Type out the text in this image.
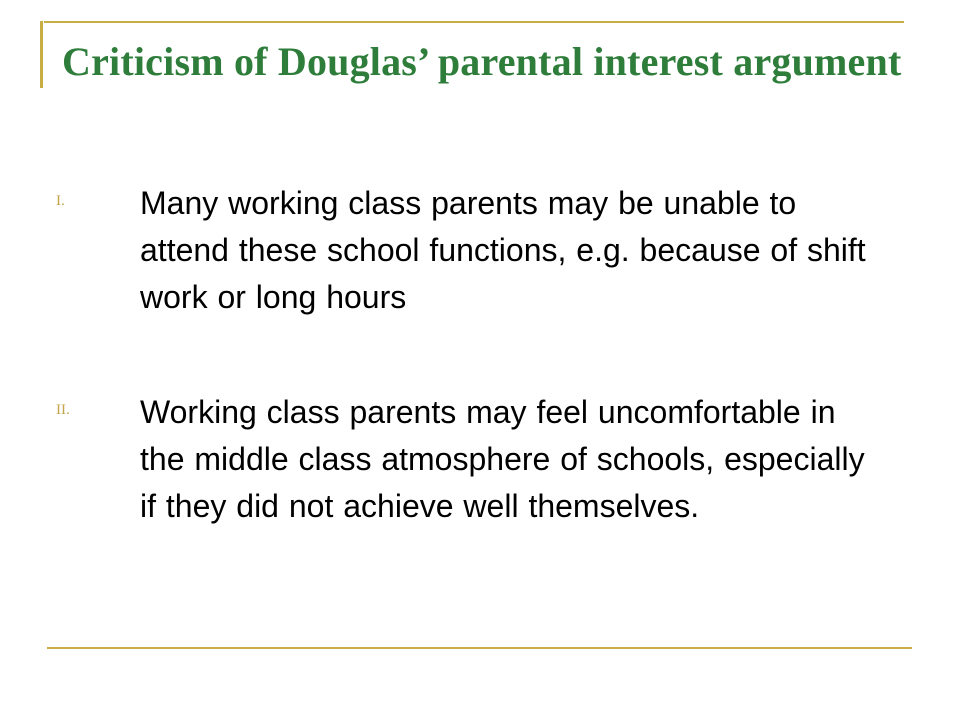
Criticism of Douglas’ parental interest argument
I.	Many working class parents may be unable to attend these school functions, e.g. because of shift work or long hours

II.	Working class parents may feel uncomfortable in the middle class atmosphere of schools, especially if they did not achieve well themselves.
